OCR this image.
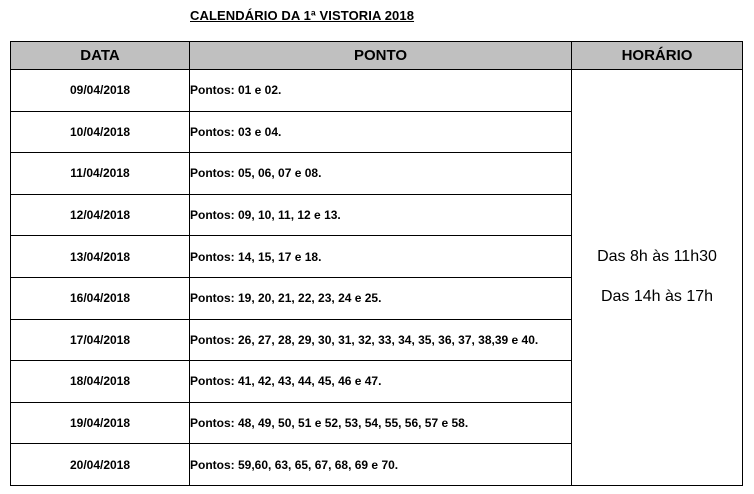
CALENDÁRIO DA 1ª VISTORIA 2018
DATA	PONTO	HORÁRIO
09/04/2018	Pontos: 01 e 02.	Das 8h às 11h30
Das 14h às 17h

10/04/2018	Pontos: 03 e 04.	
11/04/2018	Pontos: 05, 06, 07 e 08.	
12/04/2018	Pontos: 09, 10, 11, 12 e 13.	
13/04/2018	Pontos: 14, 15, 17 e 18.	
16/04/2018	Pontos: 19, 20, 21, 22, 23, 24 e 25.	
17/04/2018	Pontos: 26, 27, 28, 29, 30, 31, 32, 33, 34, 35, 36, 37, 38,39 e 40.	
18/04/2018	Pontos: 41, 42, 43, 44, 45, 46 e 47.	
19/04/2018	Pontos: 48, 49, 50, 51 e 52, 53, 54, 55, 56, 57 e 58.	
20/04/2018	Pontos: 59,60, 63, 65, 67, 68, 69 e 70.	
